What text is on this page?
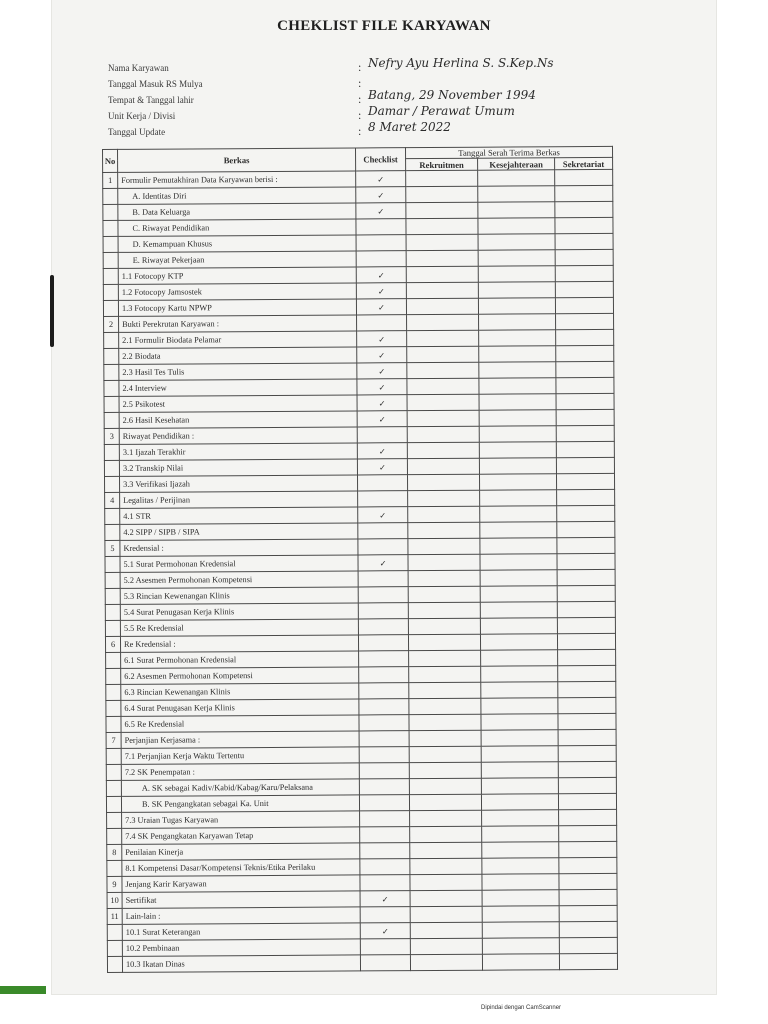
CHEKLIST FILE KARYAWAN
Nama Karyawan	: Nefry Ayu Herlina S. S.Kep.Ns
Tanggal Masuk RS Mulya	:
Tempat & Tanggal lahir	: Batang, 29 November 1994
Unit Kerja / Divisi	: Damar / Perawat Umum
Tanggal Update	: 8 Maret 2022
No	Berkas	Checklist	Tanggal Serah Terima Berkas		
			Rekruitmen	Kesejahteraan	Sekretariat
1	Formulir Pemutakhiran Data Karyawan berisi :	✓			
	A. Identitas Diri	✓			
	B. Data Keluarga	✓			
	C. Riwayat Pendidikan				
	D. Kemampuan Khusus				
	E. Riwayat Pekerjaan				
	1.1 Fotocopy KTP	✓			
	1.2 Fotocopy Jamsostek	✓			
	1.3 Fotocopy Kartu NPWP	✓			
2	Bukti Perekrutan Karyawan :				
	2.1 Formulir Biodata Pelamar	✓			
	2.2 Biodata	✓			
	2.3 Hasil Tes Tulis	✓			
	2.4 Interview	✓			
	2.5 Psikotest	✓			
	2.6 Hasil Kesehatan	✓			
3	Riwayat Pendidikan :				
	3.1 Ijazah Terakhir	✓			
	3.2 Transkip Nilai	✓			
	3.3 Verifikasi Ijazah				
4	Legalitas / Perijinan				
	4.1 STR	✓			
	4.2 SIPP / SIPB / SIPA				
5	Kredensial :				
	5.1 Surat Permohonan Kredensial	✓			
	5.2 Asesmen Permohonan Kompetensi				
	5.3 Rincian Kewenangan Klinis				
	5.4 Surat Penugasan Kerja Klinis				
	5.5 Re Kredensial				
6	Re Kredensial :				
	6.1 Surat Permohonan Kredensial				
	6.2 Asesmen Permohonan Kompetensi				
	6.3 Rincian Kewenangan Klinis				
	6.4 Surat Penugasan Kerja Klinis				
	6.5 Re Kredensial				
7	Perjanjian Kerjasama :				
	7.1 Perjanjian Kerja Waktu Tertentu				
	7.2 SK Penempatan :				
	A. SK sebagai Kadiv/Kabid/Kabag/Karu/Pelaksana				
	B. SK Pengangkatan sebagai Ka. Unit				
	7.3 Uraian Tugas Karyawan				
	7.4 SK Pengangkatan Karyawan Tetap				
8	Penilaian Kinerja				
	8.1 Kompetensi Dasar/Kompetensi Teknis/Etika Perilaku				
9	Jenjang Karir Karyawan				
10	Sertifikat	✓			
11	Lain-lain :				
	10.1 Surat Keterangan	✓			
	10.2 Pembinaan				
	10.3 Ikatan Dinas				
Dipindai dengan CamScanner
